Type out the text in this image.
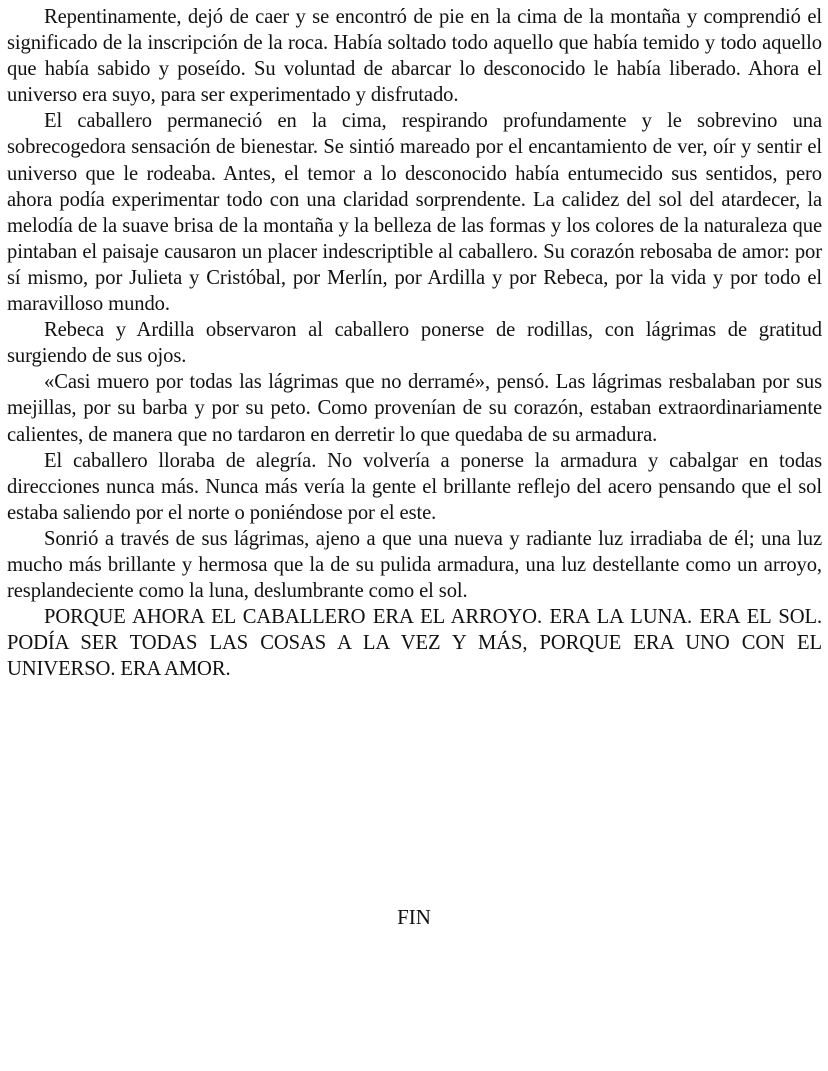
Repentinamente, dejó de caer y se encontró de pie en la cima de la montaña y comprendió el significado de la inscripción de la roca. Había soltado todo aquello que había temido y todo aquello que había sabido y poseído. Su voluntad de abarcar lo desconocido le había liberado. Ahora el universo era suyo, para ser experimentado y disfrutado.

El caballero permaneció en la cima, respirando profundamente y le sobrevino una sobrecogedora sensación de bienestar. Se sintió mareado por el encantamiento de ver, oír y sentir el universo que le rodeaba. Antes, el temor a lo desconocido había entumecido sus sentidos, pero ahora podía experimentar todo con una claridad sorprendente. La calidez del sol del atardecer, la melodía de la suave brisa de la montaña y la belleza de las formas y los colores de la naturaleza que pintaban el paisaje causaron un placer indescriptible al caballero. Su corazón rebosaba de amor: por sí mismo, por Julieta y Cristóbal, por Merlín, por Ardilla y por Rebeca, por la vida y por todo el maravilloso mundo.

Rebeca y Ardilla observaron al caballero ponerse de rodillas, con lágrimas de gratitud surgiendo de sus ojos.

«Casi muero por todas las lágrimas que no derramé», pensó. Las lágrimas resbalaban por sus mejillas, por su barba y por su peto. Como provenían de su corazón, estaban extraordinariamente calientes, de manera que no tardaron en derretir lo que quedaba de su armadura.

El caballero lloraba de alegría. No volvería a ponerse la armadura y cabalgar en todas direcciones nunca más. Nunca más vería la gente el brillante reflejo del acero pensando que el sol estaba saliendo por el norte o poniéndose por el este.

Sonrió a través de sus lágrimas, ajeno a que una nueva y radiante luz irradiaba de él; una luz mucho más brillante y hermosa que la de su pulida armadura, una luz destellante como un arroyo, resplandeciente como la luna, deslumbrante como el sol.

PORQUE AHORA EL CABALLERO ERA EL ARROYO. ERA LA LUNA. ERA EL SOL. PODÍA SER TODAS LAS COSAS A LA VEZ Y MÁS, PORQUE ERA UNO CON EL UNIVERSO. ERA AMOR.

FIN
